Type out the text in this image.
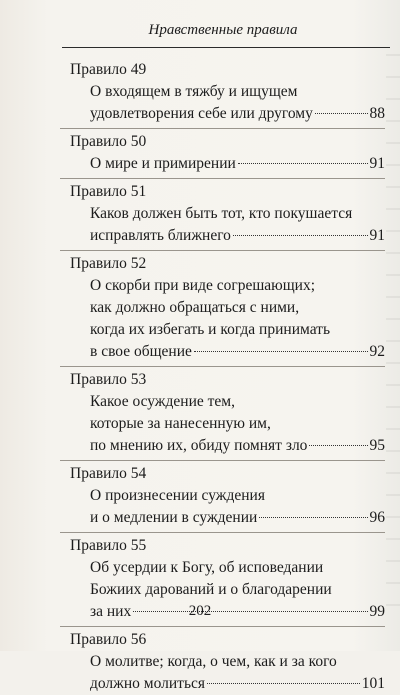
Нравственные правила
Правило 49
О входящем в тяжбу и ищущем
удовлетворения себе или другому	88
Правило 50
О мире и примирении	91
Правило 51
Каков должен быть тот, кто покушается
исправлять ближнего	91
Правило 52
О скорби при виде согрешающих;
как должно обращаться с ними,
когда их избегать и когда принимать
в свое общение	92
Правило 53
Какое осуждение тем,
которые за нанесенную им,
по мнению их, обиду помнят зло	95
Правило 54
О произнесении суждения
и о медлении в суждении	96
Правило 55
Об усердии к Богу, об исповедании
Божиих дарований и о благодарении
за них	99
Правило 56
О молитве; когда, о чем, как и за кого
должно молиться	101
202
